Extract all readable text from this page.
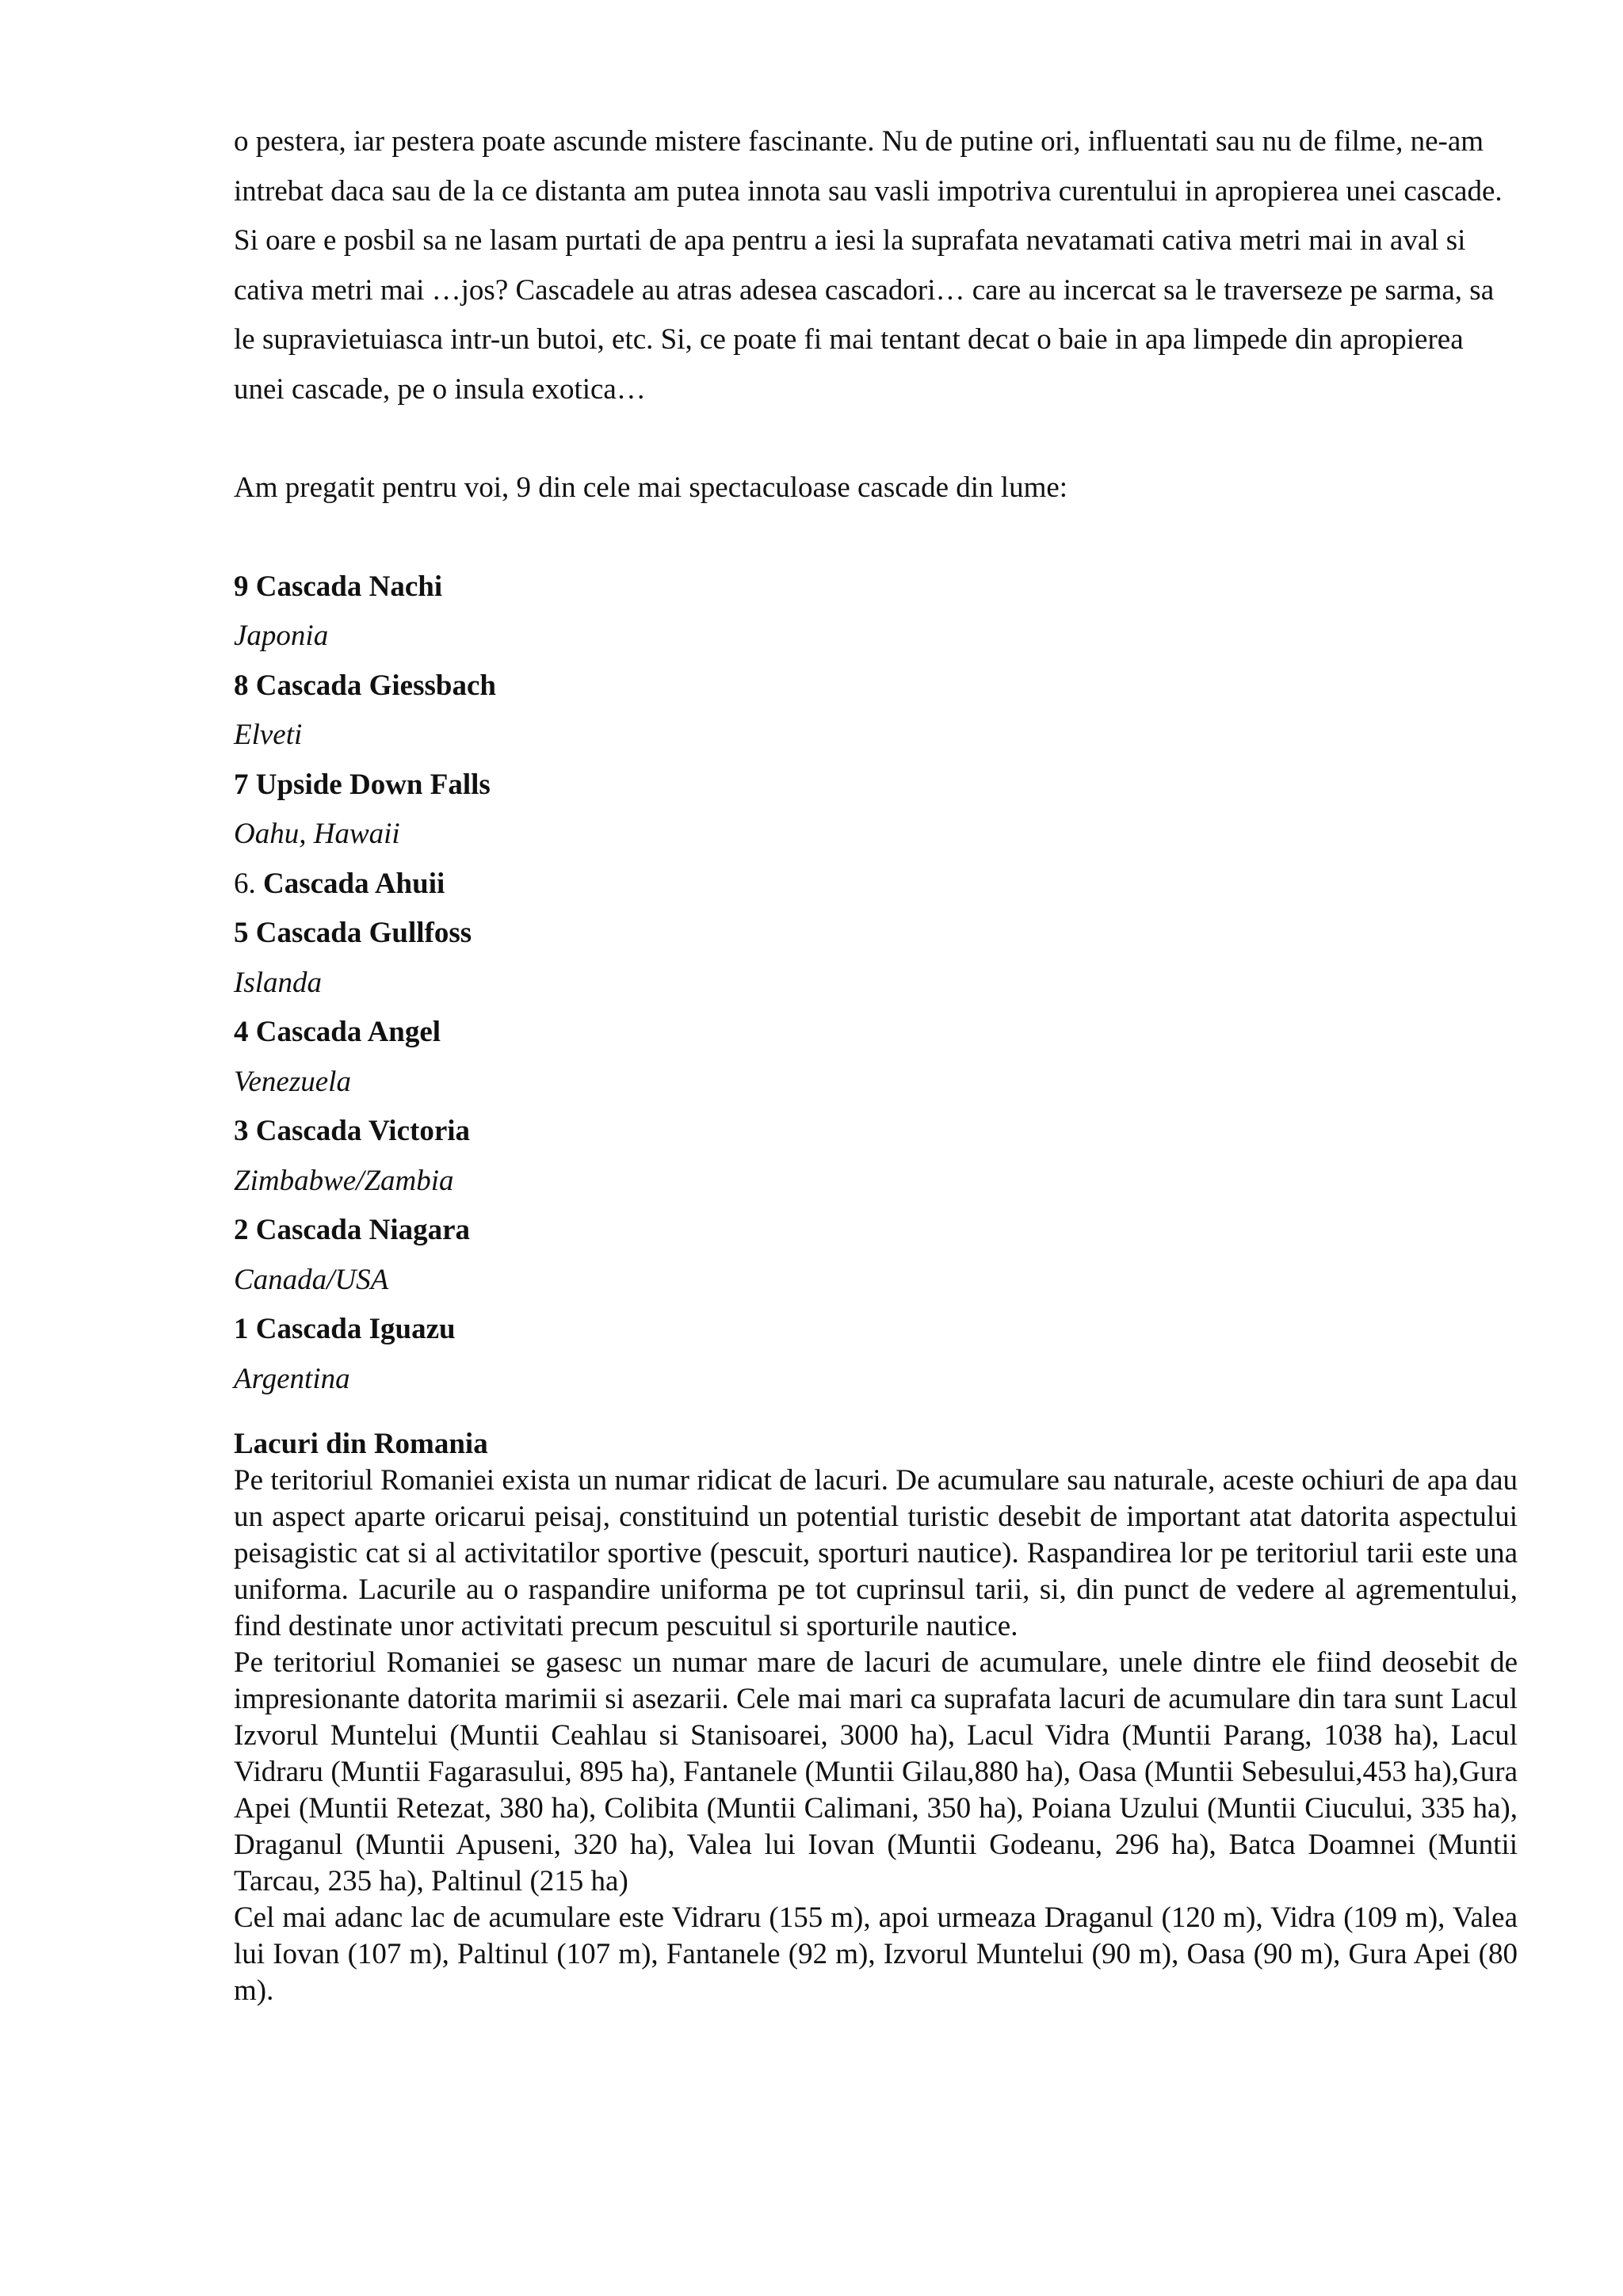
o pestera, iar pestera poate ascunde mistere fascinante. Nu de putine ori, influentati sau nu de filme, ne-am intrebat daca sau de la ce distanta am putea innota sau vasli impotriva curentului in apropierea unei cascade. Si oare e posbil sa ne lasam purtati de apa pentru a iesi la suprafata nevatamati cativa metri mai in aval si cativa metri mai …jos? Cascadele au atras adesea cascadori… care au incercat sa le traverseze pe sarma, sa le supravietuiasca intr-un butoi, etc. Si, ce poate fi mai tentant decat o baie in apa limpede din apropierea unei cascade, pe o insula exotica…

Am pregatit pentru voi, 9 din cele mai spectaculoase cascade din lume:

9 Cascada Nachi

Japonia

8 Cascada Giessbach

Elveti

7 Upside Down Falls

Oahu, Hawaii

6. Cascada Ahuii

5 Cascada Gullfoss

Islanda

4 Cascada Angel

Venezuela

3 Cascada Victoria

Zimbabwe/Zambia

2 Cascada Niagara

Canada/USA

1 Cascada Iguazu

Argentina

Lacuri din Romania

Pe teritoriul Romaniei exista un numar ridicat de lacuri. De acumulare sau naturale, aceste ochiuri de apa dau un aspect aparte oricarui peisaj, constituind un potential turistic desebit de important atat datorita aspectului peisagistic cat si al activitatilor sportive (pescuit, sporturi nautice). Raspandirea lor pe teritoriul tarii este una uniforma. Lacurile au o raspandire uniforma pe tot cuprinsul tarii, si, din punct de vedere al agrementului, find destinate unor activitati precum pescuitul si sporturile nautice.

Pe teritoriul Romaniei se gasesc un numar mare de lacuri de acumulare, unele dintre ele fiind deosebit de impresionante datorita marimii si asezarii. Cele mai mari ca suprafata lacuri de acumulare din tara sunt Lacul Izvorul Muntelui (Muntii Ceahlau si Stanisoarei, 3000 ha), Lacul Vidra (Muntii Parang, 1038 ha), Lacul Vidraru (Muntii Fagarasului, 895 ha), Fantanele (Muntii Gilau,880 ha), Oasa (Muntii Sebesului,453 ha),Gura Apei (Muntii Retezat, 380 ha), Colibita (Muntii Calimani, 350 ha), Poiana Uzului (Muntii Ciucului, 335 ha), Draganul (Muntii Apuseni, 320 ha), Valea lui Iovan (Muntii Godeanu, 296 ha), Batca Doamnei (Muntii Tarcau, 235 ha), Paltinul (215 ha)

Cel mai adanc lac de acumulare este Vidraru (155 m), apoi urmeaza Draganul (120 m), Vidra (109 m), Valea lui Iovan (107 m), Paltinul (107 m), Fantanele (92 m), Izvorul Muntelui (90 m), Oasa (90 m), Gura Apei (80 m).
